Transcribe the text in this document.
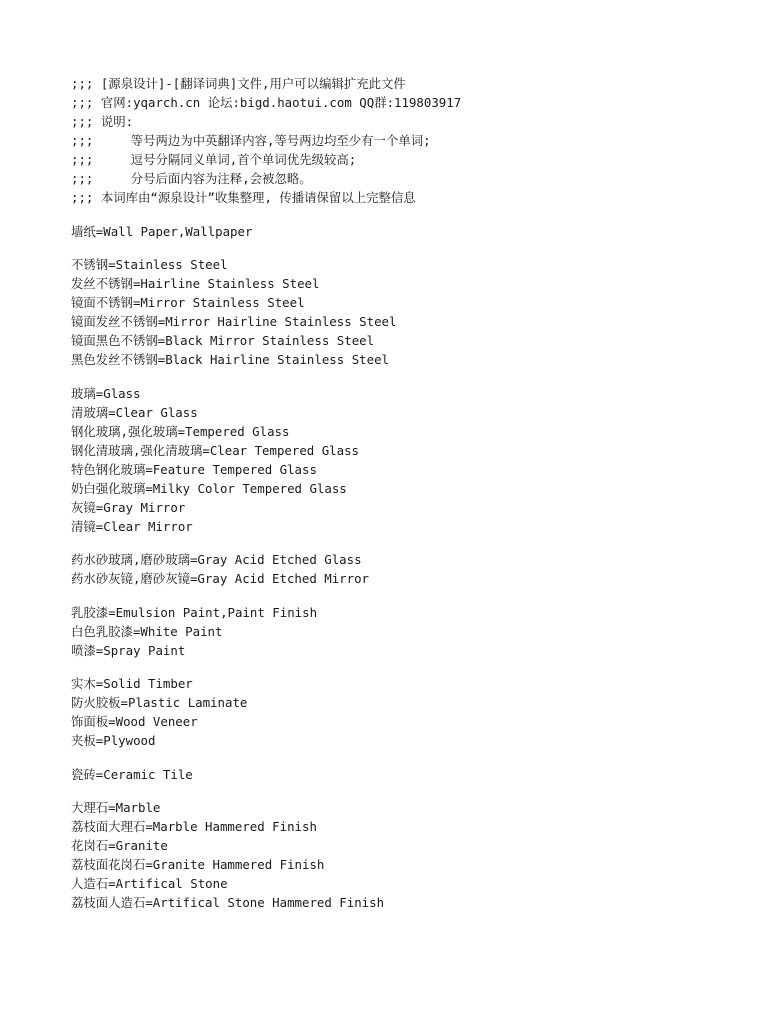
;;; [源泉设计]-[翻译词典]文件,用户可以编辑扩充此文件
;;; 官网:yqarch.cn 论坛:bigd.haotui.com QQ群:119803917
;;; 说明:
;;;     等号两边为中英翻译内容,等号两边均至少有一个单词;
;;;     逗号分隔同义单词,首个单词优先级较高;
;;;     分号后面内容为注释,会被忽略。
;;; 本词库由“源泉设计”收集整理, 传播请保留以上完整信息
墙纸=Wall Paper,Wallpaper
不锈钢=Stainless Steel
发丝不锈钢=Hairline Stainless Steel
镜面不锈钢=Mirror Stainless Steel
镜面发丝不锈钢=Mirror Hairline Stainless Steel
镜面黑色不锈钢=Black Mirror Stainless Steel
黑色发丝不锈钢=Black Hairline Stainless Steel
玻璃=Glass
清玻璃=Clear Glass
钢化玻璃,强化玻璃=Tempered Glass
钢化清玻璃,强化清玻璃=Clear Tempered Glass
特色钢化玻璃=Feature Tempered Glass
奶白强化玻璃=Milky Color Tempered Glass
灰镜=Gray Mirror
清镜=Clear Mirror
药水砂玻璃,磨砂玻璃=Gray Acid Etched Glass
药水砂灰镜,磨砂灰镜=Gray Acid Etched Mirror
乳胶漆=Emulsion Paint,Paint Finish
白色乳胶漆=White Paint
喷漆=Spray Paint
实木=Solid Timber
防火胶板=Plastic Laminate
饰面板=Wood Veneer
夹板=Plywood
瓷砖=Ceramic Tile
大理石=Marble
荔枝面大理石=Marble Hammered Finish
花岗石=Granite
荔枝面花岗石=Granite Hammered Finish
人造石=Artifical Stone
荔枝面人造石=Artifical Stone Hammered Finish
